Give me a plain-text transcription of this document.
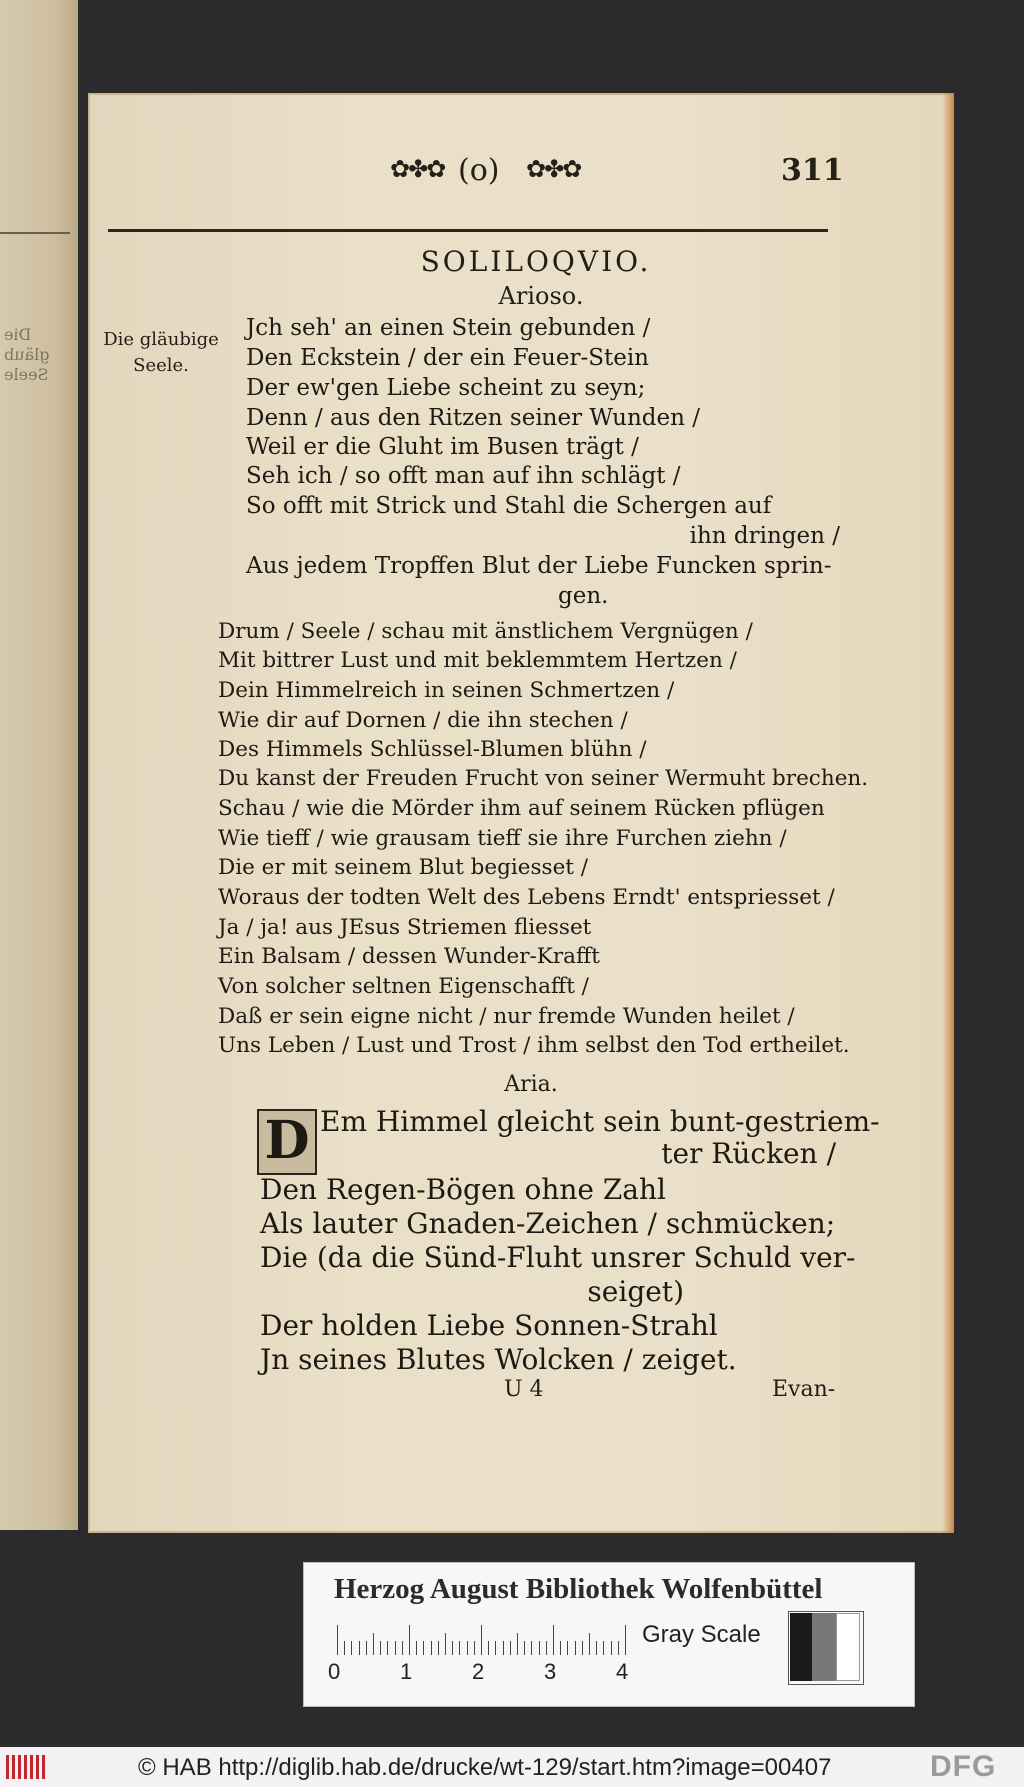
Die gläub Seele
✿✤✿ (o) ✿✤✿	311
SOLILOQVIO.
Arioso.
Die gläubige Seele.
Jch seh' an einen Stein gebunden /
Den Eckstein / der ein Feuer-Stein
Der ew'gen Liebe scheint zu seyn;
Denn / aus den Ritzen seiner Wunden /
Weil er die Gluht im Busen trägt /
Seh ich / so offt man auf ihn schlägt /
So offt mit Strick und Stahl die Schergen auf
ihn dringen /
Aus jedem Tropffen Blut der Liebe Funcken sprin-
gen.
Drum / Seele / schau mit änstlichem Vergnügen /
Mit bittrer Lust und mit beklemmtem Hertzen /
Dein Himmelreich in seinen Schmertzen /
Wie dir auf Dornen / die ihn stechen /
Des Himmels Schlüssel-Blumen blühn /
Du kanst der Freuden Frucht von seiner Wermuht brechen.
Schau / wie die Mörder ihm auf seinem Rücken pflügen
Wie tieff / wie grausam tieff sie ihre Furchen ziehn /
Die er mit seinem Blut begiesset /
Woraus der todten Welt des Lebens Erndt' entspriesset /
Ja / ja! aus JEsus Striemen fliesset
Ein Balsam / dessen Wunder-Krafft
Von solcher seltnen Eigenschafft /
Daß er sein eigne nicht / nur fremde Wunden heilet /
Uns Leben / Lust und Trost / ihm selbst den Tod ertheilet.
Aria.
D Em Himmel gleicht sein bunt-gestriem-
ter Rücken /
Den Regen-Bögen ohne Zahl
Als lauter Gnaden-Zeichen / schmücken;
Die (da die Sünd-Fluht unsrer Schuld ver-
seiget)
Der holden Liebe Sonnen-Strahl
Jn seines Blutes Wolcken / zeiget.
U 4	Evan-
Herzog August Bibliothek Wolfenbüttel
0	1	2	3	4
Gray Scale
© HAB http://diglib.hab.de/drucke/wt-129/start.htm?image=00407	DFG
